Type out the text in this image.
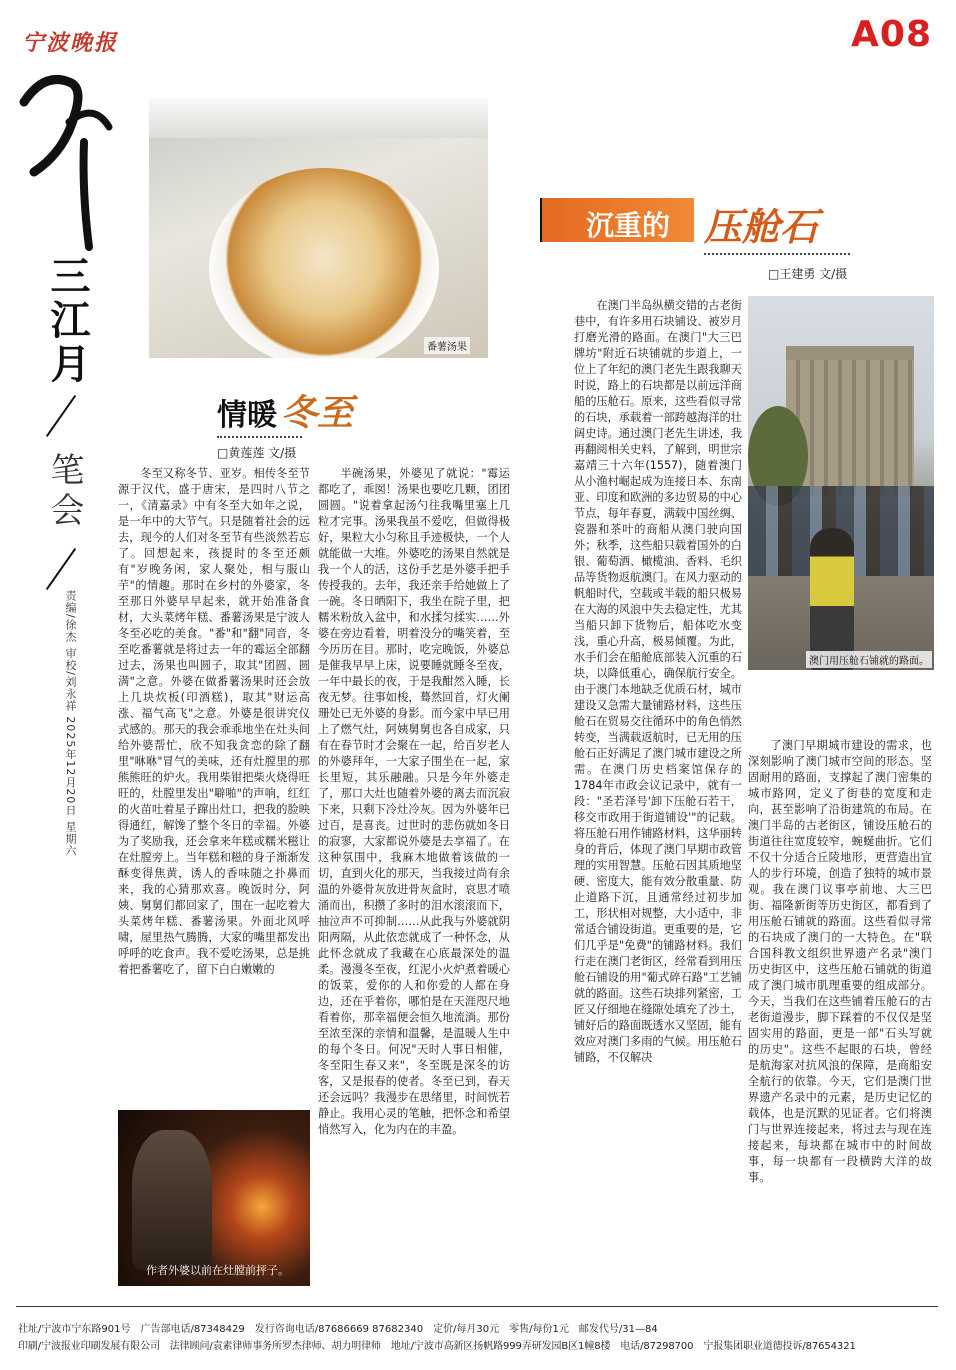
宁波晚报	A08
三江月
笔会
责编/徐杰 审校/刘永祥 2025年12月20日 星期六
番薯汤果
情暖 冬至
□黄莲莲 文/摄
冬至又称冬节、亚岁。相传冬至节源于汉代，盛于唐宋，是四时八节之一，《清嘉录》中有冬至大如年之说，是一年中的大节气。只是随着社会的远去，现今的人们对冬至节有些淡然若忘了。回想起来，孩提时的冬至还颇有"岁晚务闲，家人聚处，相与服山芋"的情趣。那时在乡村的外婆家，冬至那日外婆早早起来，就开始准备食材，大头菜烤年糕、番薯汤果是宁波人冬至必吃的美食。"番"和"翻"同音，冬至吃番薯就是将过去一年的霉运全部翻过去，汤果也叫圆子，取其"团圆、圆满"之意。外婆在做番薯汤果时还会放上几块炊板(印酒糕)，取其"财运高涨、福气高飞"之意。外婆是很讲究仪式感的。那天的我会乖乖地坐在灶头间给外婆帮忙，欣不知我贪恋的除了翻里"咻咻"冒气的美味，还有灶膛里的那熊熊旺的炉火。我用柴钳把柴火烧得旺旺的，灶膛里发出"噼啪"的声响，红红的火苗吐着星子蹿出灶口，把我的脸映得通红，解馋了整个冬日的幸福。外婆为了奖励我，还会拿来年糕或糯米糍让在灶膛旁上。当年糕和糍的身子渐渐发酥变得焦黄，诱人的香味随之扑鼻而来，我的心猜那欢喜。晚饭时分，阿姨、舅舅们都回家了，围在一起吃着大头菜烤年糕、番薯汤果。外面北风呼啸，屋里热气腾腾，大家的嘴里都发出呼呼的吃食声。我不爱吃汤果，总是挑着把番薯吃了，留下白白嫩嫩的
半碗汤果，外婆见了就说："霉运都吃了，乖囡！汤果也要吃几颗，团团圆圆。"说着拿起汤勺往我嘴里塞上几粒才完事。汤果我虽不爱吃，但做得极好，果粒大小匀称且手迹极快，一个人就能做一大堆。外婆吃的汤果自然就是我一个人的活，这份手艺是外婆手把手传授我的。去年，我还亲手给她做上了一碗。冬日晒阳下，我坐在院子里，把糯米粉放入盆中，和水揉匀揉实……外婆在旁边看着，明着没分的嘴笑着，至今历历在目。那时，吃完晚饭，外婆总是催我早早上床，说要睡就睡冬至夜，一年中最长的夜，于是我酣然入睡，长夜无梦。往事如梭，蓦然回首，灯火阑珊处已无外婆的身影。而今家中早已用上了燃气灶，阿姨舅舅也各自成家，只有在春节时才会聚在一起，给百岁老人的外婆拜年，一大家子围坐在一起，家长里短，其乐融融。只是今年外婆走了，那口大灶也随着外婆的离去而沉寂下来，只剩下冷灶冷灰。因为外婆年已过百，是喜丧。过世时的悲伤就如冬日的寂寥，大家都说外婆是去享福了。在这种氛围中，我麻木地做着该做的一切，直到火化的那天，当我接过尚有余温的外婆骨灰放进骨灰盒时，哀思才喷涌而出，积攒了多时的泪水滚滚而下，抽泣声不可抑制……从此我与外婆就阴阳两隔，从此依恋就成了一种怀念，从此怀念就成了我藏在心底最深处的温柔。漫漫冬至夜，红泥小火炉煮着暖心的饭菜，爱你的人和你爱的人都在身边，还在乎着你，哪怕是在天涯咫尺地看着你，那幸福便会恒久地流淌。那份至浓至深的亲情和温馨，是温暖人生中的每个冬日。何况"天时人事日相催，冬至阳生春又来"，冬至既是深冬的访客，又是报春的使者。冬至已到，春天还会远吗？我漫步在思绪里，时间恍若静止。我用心灵的笔触，把怀念和希望悄然写入，化为内在的丰盈。
作者外婆以前在灶膛前抨子。
沉重的 压舱石
□王建勇 文/摄
在澳门半岛纵横交错的古老街巷中，有许多用石块铺设、被岁月打磨光滑的路面。在澳门"大三巴牌坊"附近石块铺就的步道上，一位上了年纪的澳门老先生跟我聊天时说，路上的石块都是以前远洋商船的压舱石。原来，这些看似寻常的石块，承载着一部跨越海洋的壮阔史诗。通过澳门老先生讲述，我再翻阅相关史料，了解到，明世宗嘉靖三十六年(1557)，随着澳门从小渔村崛起成为连接日本、东南亚、印度和欧洲的多边贸易的中心节点，每年春夏，满载中国丝绸、瓷器和茶叶的商船从澳门驶向国外；秋季，这些船只载着国外的白银、葡萄酒、橄榄油、香料、毛织品等货物返航澳门。在风力驱动的帆船时代，空载或半载的船只极易在大海的风浪中失去稳定性，尤其当船只卸下货物后，船体吃水变浅，重心升高，极易倾覆。为此，水手们会在船舱底部装入沉重的石块，以降低重心，确保航行安全。由于澳门本地缺乏优质石材，城市建设又急需大量铺路材料，这些压舱石在贸易交往循环中的角色悄然转变，当满载返航时，已无用的压舱石正好满足了澳门城市建设之所需。在澳门历史档案馆保存的1784年市政会议记录中，就有一段："圣若泽号'卸下压舱石若干，移交市政用于街道铺设'"的记载。将压舱石用作铺路材料，这华丽转身的背后，体现了澳门早期市政管理的实用智慧。压舱石因其质地坚硬、密度大，能有效分散重量、防止道路下沉，且通常经过初步加工，形状相对规整，大小适中，非常适合铺设街道。更重要的是，它们几乎是"免费"的铺路材料。我们行走在澳门老街区，经常看到用压舱石铺设的用"葡式碎石路"工艺铺就的路面。这些石块排列紧密，工匠又仔细地在缝隙处填充了沙土，铺好后的路面既透水又坚固，能有效应对澳门多雨的气候。用压舱石铺路，不仅解决
澳门用压舱石铺就的路面。
了澳门早期城市建设的需求，也深刻影响了澳门城市空间的形态。坚固耐用的路面，支撑起了澳门密集的城市路网，定义了街巷的宽度和走向，甚至影响了沿街建筑的布局。在澳门半岛的古老街区，铺设压舱石的街道往往宽度较窄，蜿蜒曲折。它们不仅十分适合丘陵地形，更营造出宜人的步行环境，创造了独特的城市景观。我在澳门议事亭前地、大三巴街、福隆新街等历史街区，都看到了用压舱石铺就的路面。这些看似寻常的石块成了澳门的一大特色。在"联合国科教文组织世界遗产名录"澳门历史街区中，这些压舱石铺就的街道成了澳门城市肌理重要的组成部分。今天，当我们在这些铺着压舱石的古老街道漫步，脚下踩着的不仅仅是坚固实用的路面，更是一部"石头写就的历史"。这些不起眼的石块，曾经是航海家对抗风浪的保障，是商船安全航行的依靠。今天，它们是澳门世界遗产名录中的元素，是历史记忆的载体，也是沉默的见证者。它们将澳门与世界连接起来，将过去与现在连接起来，每块都在城市中的时间故事，每一块都有一段横跨大洋的故事。
社址/宁波市宁东路901号　广告部电话/87348429　发行咨询电话/87686669 87682340　定价/每月30元　零售/每份1元　邮发代号/31—84
印刷/宁波报业印刷发展有限公司　法律顾问/袁素律师事务所罗杰律师、胡力明律师　地址/宁波市高新区扬帆路999弄研发园B区1幢8楼　电话/87298700　宁报集团职业道德投诉/87654321
